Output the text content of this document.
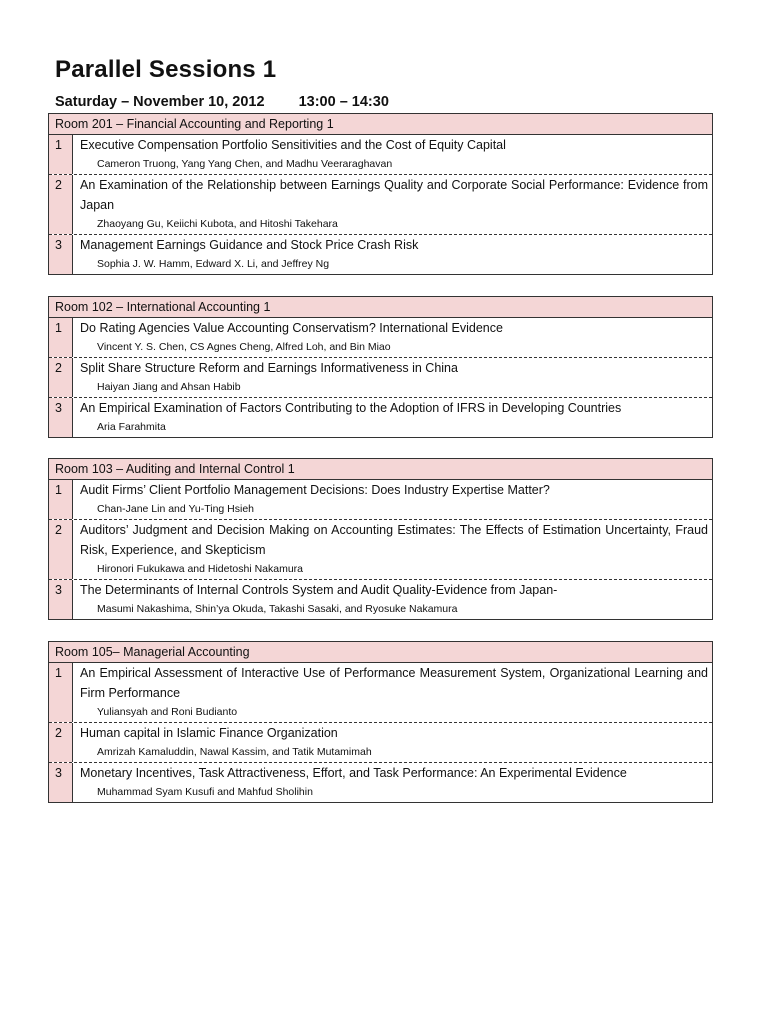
Parallel Sessions 1
Saturday – November 10, 2012 13:00 – 14:30
Room 201 – Financial Accounting and Reporting 1
1	Executive Compensation Portfolio Sensitivities and the Cost of Equity Capital
Cameron Truong, Yang Yang Chen, and Madhu Veeraraghavan
2	An Examination of the Relationship between Earnings Quality and Corporate Social Performance: Evidence from Japan
Zhaoyang Gu, Keiichi Kubota, and Hitoshi Takehara
3	Management Earnings Guidance and Stock Price Crash Risk
Sophia J. W. Hamm, Edward X. Li, and Jeffrey Ng
Room 102 – International Accounting 1
1	Do Rating Agencies Value Accounting Conservatism? International Evidence
Vincent Y. S. Chen, CS Agnes Cheng, Alfred Loh, and Bin Miao
2	Split Share Structure Reform and Earnings Informativeness in China
Haiyan Jiang and Ahsan Habib
3	An Empirical Examination of Factors Contributing to the Adoption of IFRS in Developing Countries
Aria Farahmita
Room 103 – Auditing and Internal Control 1
1	Audit Firms’ Client Portfolio Management Decisions: Does Industry Expertise Matter?
Chan-Jane Lin and Yu-Ting Hsieh
2	Auditors’ Judgment and Decision Making on Accounting Estimates: The Effects of Estimation Uncertainty, Fraud Risk, Experience, and Skepticism
Hironori Fukukawa and Hidetoshi Nakamura
3	The Determinants of Internal Controls System and Audit Quality-Evidence from Japan-
Masumi Nakashima, Shin’ya Okuda, Takashi Sasaki, and Ryosuke Nakamura
Room 105– Managerial Accounting
1	An Empirical Assessment of Interactive Use of Performance Measurement System, Organizational Learning and Firm Performance
Yuliansyah and Roni Budianto
2	Human capital in Islamic Finance Organization
Amrizah Kamaluddin, Nawal Kassim, and Tatik Mutamimah
3	Monetary Incentives, Task Attractiveness, Effort, and Task Performance: An Experimental Evidence
Muhammad Syam Kusufi and Mahfud Sholihin
